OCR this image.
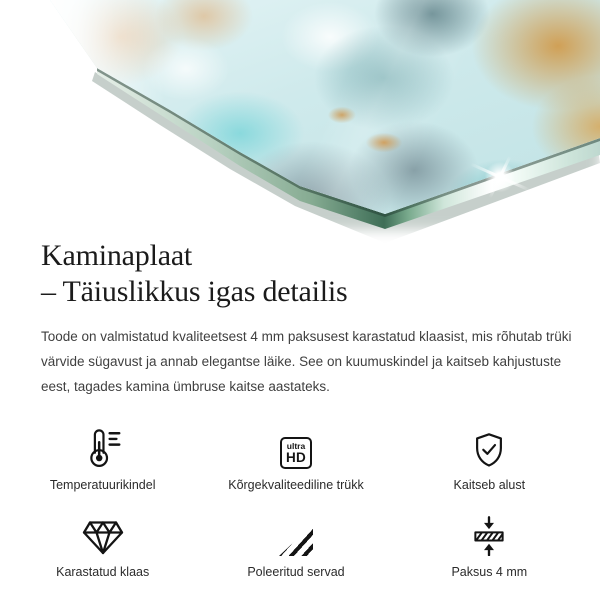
Kaminaplaat
– Täiuslikkus igas detailis

Toode on valmistatud kvaliteetsest 4 mm paksusest karastatud klaasist, mis rõhutab trüki värvide sügavust ja annab elegantse läike. See on kuumuskindel ja kaitseb kahjustuste eest, tagades kamina ümbruse kaitse aastateks.

Temperatuurikindel
ultra
HD
Kõrgekvaliteediline trükk	Kaitseb alust
Karastatud klaas	Poleeritud servad	Paksus 4 mm
